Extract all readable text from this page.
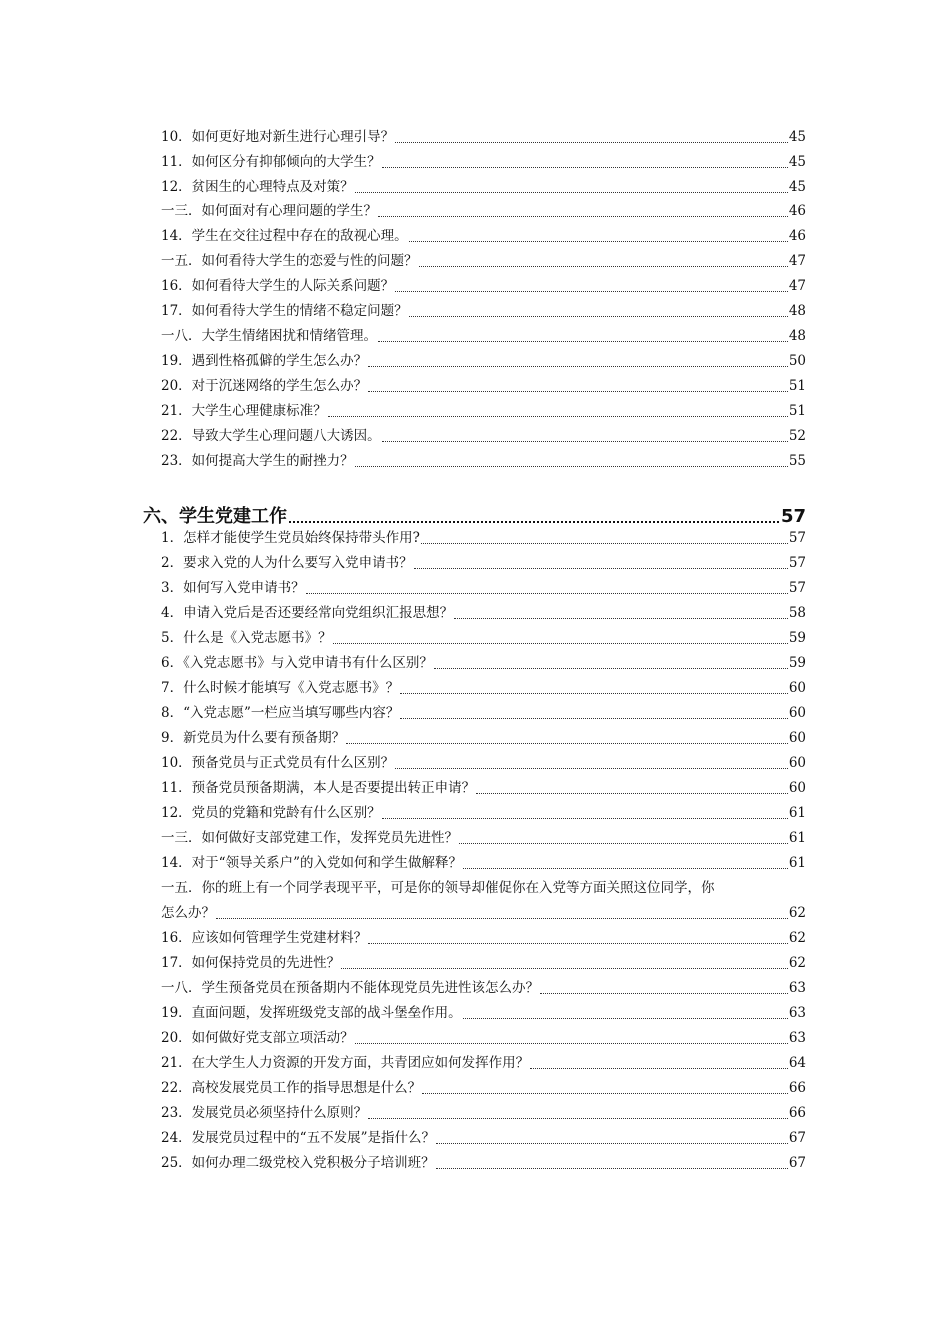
10．如何更好地对新生进行心理引导？	45
11．如何区分有抑郁倾向的大学生？	45
12．贫困生的心理特点及对策？	45
一三．如何面对有心理问题的学生？	46
14．学生在交往过程中存在的敌视心理。	46
一五．如何看待大学生的恋爱与性的问题？	47
16．如何看待大学生的人际关系问题？	47
17．如何看待大学生的情绪不稳定问题？	48
一八．大学生情绪困扰和情绪管理。	48
19．遇到性格孤僻的学生怎么办？	50
20．对于沉迷网络的学生怎么办？	51
21．大学生心理健康标准？	51
22．导致大学生心理问题八大诱因。	52
23．如何提高大学生的耐挫力？	55
六、学生党建工作	57
1．怎样才能使学生党员始终保持带头作用?	57
2．要求入党的人为什么要写入党申请书？	57
3．如何写入党申请书？	57
4．申请入党后是否还要经常向党组织汇报思想？	58
5．什么是《入党志愿书》？	59
6．《入党志愿书》与入党申请书有什么区别？	59
7．什么时候才能填写《入党志愿书》？	60
8．“入党志愿”一栏应当填写哪些内容？	60
9．新党员为什么要有预备期？	60
10．预备党员与正式党员有什么区别？	60
11．预备党员预备期满，本人是否要提出转正申请？	60
12．党员的党籍和党龄有什么区别？	61
一三．如何做好支部党建工作，发挥党员先进性？	61
14．对于“领导关系户”的入党如何和学生做解释？	61
一五．你的班上有一个同学表现平平，可是你的领导却催促你在入党等方面关照这位同学，你
怎么办？	62
16．应该如何管理学生党建材料？	62
17．如何保持党员的先进性？	62
一八．学生预备党员在预备期内不能体现党员先进性该怎么办？	63
19．直面问题，发挥班级党支部的战斗堡垒作用。	63
20．如何做好党支部立项活动？	63
21．在大学生人力资源的开发方面，共青团应如何发挥作用？	64
22．高校发展党员工作的指导思想是什么？	66
23．发展党员必须坚持什么原则？	66
24．发展党员过程中的“五不发展”是指什么？	67
25．如何办理二级党校入党积极分子培训班？	67
